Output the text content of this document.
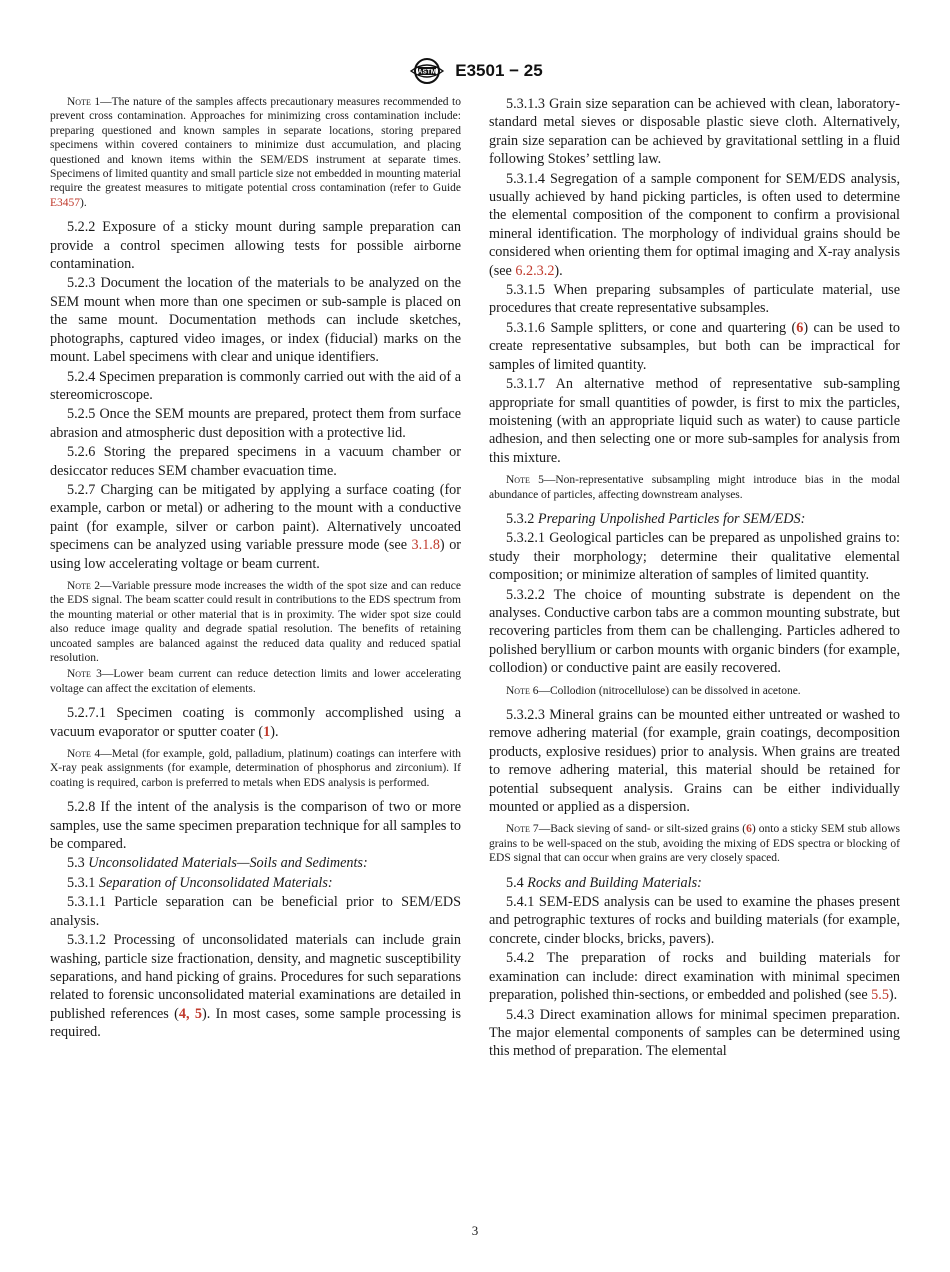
ASTM E3501 − 25

Note 1—The nature of the samples affects precautionary measures recommended to prevent cross contamination. Approaches for minimizing cross contamination include: preparing questioned and known samples in separate locations, storing prepared specimens within covered containers to minimize dust accumulation, and placing questioned and known items within the SEM/EDS instrument at separate times. Specimens of limited quantity and small particle size not embedded in mounting material require the greatest measures to mitigate potential cross contamination (refer to Guide E3457).

5.2.2 Exposure of a sticky mount during sample preparation can provide a control specimen allowing tests for possible airborne contamination.

5.2.3 Document the location of the materials to be analyzed on the SEM mount when more than one specimen or sub-sample is placed on the same mount. Documentation methods can include sketches, photographs, captured video images, or index (fiducial) marks on the mount. Label specimens with clear and unique identifiers.

5.2.4 Specimen preparation is commonly carried out with the aid of a stereomicroscope.

5.2.5 Once the SEM mounts are prepared, protect them from surface abrasion and atmospheric dust deposition with a protective lid.

5.2.6 Storing the prepared specimens in a vacuum chamber or desiccator reduces SEM chamber evacuation time.

5.2.7 Charging can be mitigated by applying a surface coating (for example, carbon or metal) or adhering to the mount with a conductive paint (for example, silver or carbon paint). Alternatively uncoated specimens can be analyzed using variable pressure mode (see 3.1.8) or using low accelerating voltage or beam current.

Note 2—Variable pressure mode increases the width of the spot size and can reduce the EDS signal. The beam scatter could result in contributions to the EDS spectrum from the mounting material or other material that is in proximity. The wider spot size could also reduce image quality and degrade spatial resolution. The benefits of retaining uncoated samples are balanced against the reduced data quality and reduced spatial resolution.

Note 3—Lower beam current can reduce detection limits and lower accelerating voltage can affect the excitation of elements.

5.2.7.1 Specimen coating is commonly accomplished using a vacuum evaporator or sputter coater (1).

Note 4—Metal (for example, gold, palladium, platinum) coatings can interfere with X-ray peak assignments (for example, determination of phosphorus and zirconium). If coating is required, carbon is preferred to metals when EDS analysis is performed.

5.2.8 If the intent of the analysis is the comparison of two or more samples, use the same specimen preparation technique for all samples to be compared.

5.3 Unconsolidated Materials—Soils and Sediments:

5.3.1 Separation of Unconsolidated Materials:

5.3.1.1 Particle separation can be beneficial prior to SEM/EDS analysis.

5.3.1.2 Processing of unconsolidated materials can include grain washing, particle size fractionation, density, and magnetic susceptibility separations, and hand picking of grains. Procedures for such separations related to forensic unconsolidated material examinations are detailed in published references (4, 5). In most cases, some sample processing is required.

5.3.1.3 Grain size separation can be achieved with clean, laboratory-standard metal sieves or disposable plastic sieve cloth. Alternatively, grain size separation can be achieved by gravitational settling in a fluid following Stokes’ settling law.

5.3.1.4 Segregation of a sample component for SEM/EDS analysis, usually achieved by hand picking particles, is often used to determine the elemental composition of the component to confirm a provisional mineral identification. The morphology of individual grains should be considered when orienting them for optimal imaging and X-ray analysis (see 6.2.3.2).

5.3.1.5 When preparing subsamples of particulate material, use procedures that create representative subsamples.

5.3.1.6 Sample splitters, or cone and quartering (6) can be used to create representative subsamples, but both can be impractical for samples of limited quantity.

5.3.1.7 An alternative method of representative sub-sampling appropriate for small quantities of powder, is first to mix the particles, moistening (with an appropriate liquid such as water) to cause particle adhesion, and then selecting one or more sub-samples for analysis from this mixture.

Note 5—Non-representative subsampling might introduce bias in the modal abundance of particles, affecting downstream analyses.

5.3.2 Preparing Unpolished Particles for SEM/EDS:

5.3.2.1 Geological particles can be prepared as unpolished grains to: study their morphology; determine their qualitative elemental composition; or minimize alteration of samples of limited quantity.

5.3.2.2 The choice of mounting substrate is dependent on the analyses. Conductive carbon tabs are a common mounting substrate, but recovering particles from them can be challenging. Particles adhered to polished beryllium or carbon mounts with organic binders (for example, collodion) or conductive paint are easily recovered.

Note 6—Collodion (nitrocellulose) can be dissolved in acetone.

5.3.2.3 Mineral grains can be mounted either untreated or washed to remove adhering material (for example, grain coatings, decomposition products, explosive residues) prior to analysis. When grains are treated to remove adhering material, this material should be retained for potential subsequent analysis. Grains can be either individually mounted or applied as a dispersion.

Note 7—Back sieving of sand- or silt-sized grains (6) onto a sticky SEM stub allows grains to be well-spaced on the stub, avoiding the mixing of EDS spectra or blocking of EDS signal that can occur when grains are very closely spaced.

5.4 Rocks and Building Materials:

5.4.1 SEM-EDS analysis can be used to examine the phases present and petrographic textures of rocks and building materials (for example, concrete, cinder blocks, bricks, pavers).

5.4.2 The preparation of rocks and building materials for examination can include: direct examination with minimal specimen preparation, polished thin-sections, or embedded and polished (see 5.5).

5.4.3 Direct examination allows for minimal specimen preparation. The major elemental components of samples can be determined using this method of preparation. The elemental

3
